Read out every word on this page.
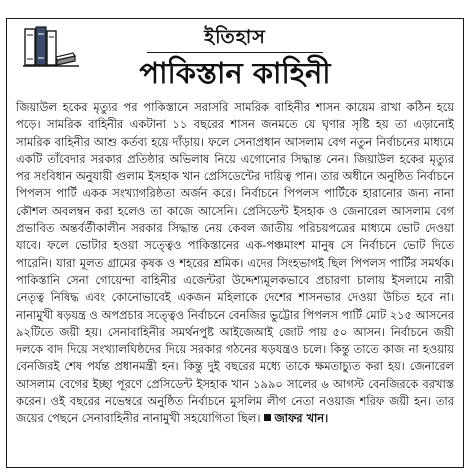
ইতিহাস
পাকিস্তান কাহিনী

জিয়াউল হকের মৃত্যুর পর পাকিস্তানে সরাসরি সামরিক বাহিনীর শাসন কায়েম রাখা কঠিন হয়ে পড়ে। সামরিক বাহিনীর একটানা ১১ বছরের শাসন জনমতে যে ঘৃণার সৃষ্টি হয় তা এড়ানোই সামরিক বাহিনীর আশু কর্তব্য হয়ে দাঁড়ায়। ফলে সেনাপ্রধান আসলাম বেগ নতুন নির্বাচনের মাধ্যমে একটি তাঁবেদার সরকার প্রতিষ্ঠার অভিলাষ নিয়ে এগোনোর সিদ্ধান্ত নেন। জিয়াউল হকের মৃত্যুর পর সংবিধান অনুযায়ী গুলাম ইসহাক খান প্রেসিডেন্টের দায়িত্ব পান। তার অধীনে অনুষ্ঠিত নির্বাচনে পিপলস পার্টি একক সংখ্যাগরিষ্ঠতা অর্জন করে। নির্বাচনে পিপলস পার্টিকে হারানোর জন্য নানা কৌশল অবলম্বন করা হলেও তা কাজে আসেনি। প্রেসিডেন্ট ইসহাক ও জেনারেল আসলাম বেগ প্রভাবিত অন্তর্বর্তীকালীন সরকার সিদ্ধান্ত নেয় কেবল জাতীয় পরিচয়পত্রের মাধ্যমে ভোট দেওয়া যাবে। ফলে ভোটার হওয়া সত্ত্বেও পাকিস্তানের এক-পঞ্চমাংশ মানুষ সে নির্বাচনে ভোট দিতে পারেনি। যারা মূলত গ্রামের কৃষক ও শহরের শ্রমিক। এদের সিংহভাগই ছিল পিপলস পার্টির সমর্থক। পাকিস্তানি সেনা গোয়েন্দা বাহিনীর এজেন্টরা উদ্দেশ্যমূলকভাবে প্রচারণা চালায় ইসলামে নারী নেতৃত্ব নিষিদ্ধ এবং কোনোভাবেই একজন মহিলাকে দেশের শাসনভার দেওয়া উচিত হবে না। নানামুখী ষড়যন্ত্র ও অপপ্রচার সত্ত্বেও নির্বাচনে বেনজির ভুট্টোর পিপলস পার্টি মোট ২১৫ আসনের ৯২টিতে জয়ী হয়। সেনাবাহিনীর সমর্থনপুষ্ট আইজেআই জোট পায় ৫০ আসন। নির্বাচনে জয়ী দলকে বাদ দিয়ে সংখ্যালঘিষ্ঠদের দিয়ে সরকার গঠনের ষড়যন্ত্রও চলে। কিন্তু তাতে কাজ না হওয়ায় বেনজিরই শেষ পর্যন্ত প্রধানমন্ত্রী হন। কিন্তু দুই বছরের মধ্যে তাকে ক্ষমতাচ্যুত করা হয়। জেনারেল আসলাম বেগের ইচ্ছা পূরণে প্রেসিডেন্ট ইসহাক খান ১৯৯০ সালের ৬ আগস্ট বেনজিরকে বরখাস্ত করেন। ওই বছরের নভেম্বরে অনুষ্ঠিত নির্বাচনে মুসলিম লীগ নেতা নওয়াজ শরিফ জয়ী হন। তার জয়ের পেছনে সেনাবাহিনীর নানামুখী সহযোগিতা ছিল। জাফর খান।
